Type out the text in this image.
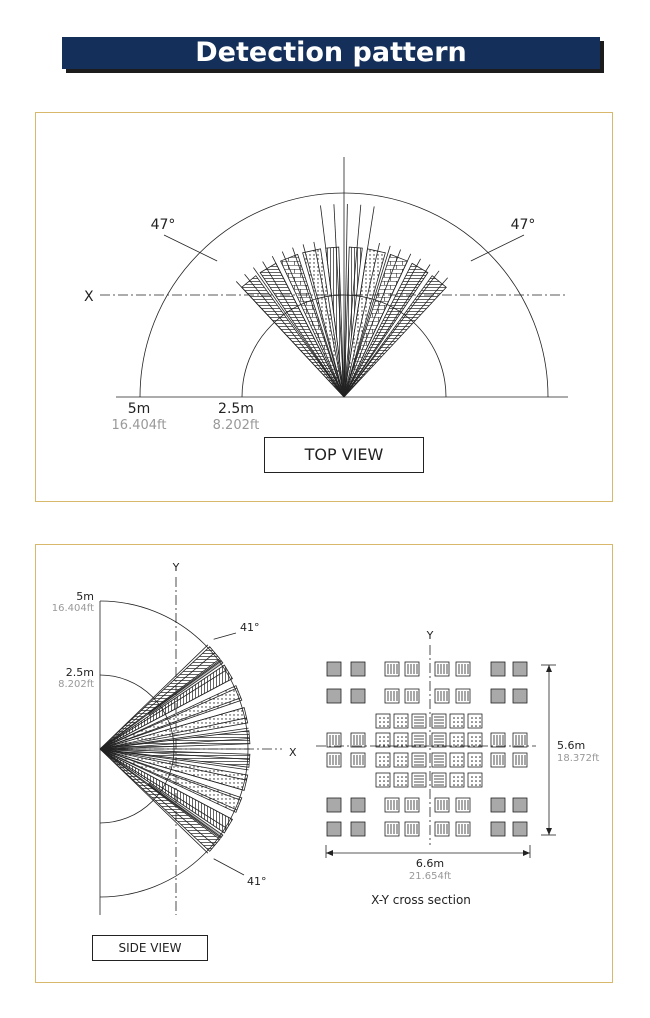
Detection pattern
47°	47°
X
5m
16.404ft
2.5m
8.202ft
TOP VIEW
Y
X
5m
16.404ft
2.5m
8.202ft
41°
41°
Y
5.6m
18.372ft
6.6m
21.654ft
X-Y cross section
SIDE VIEW
